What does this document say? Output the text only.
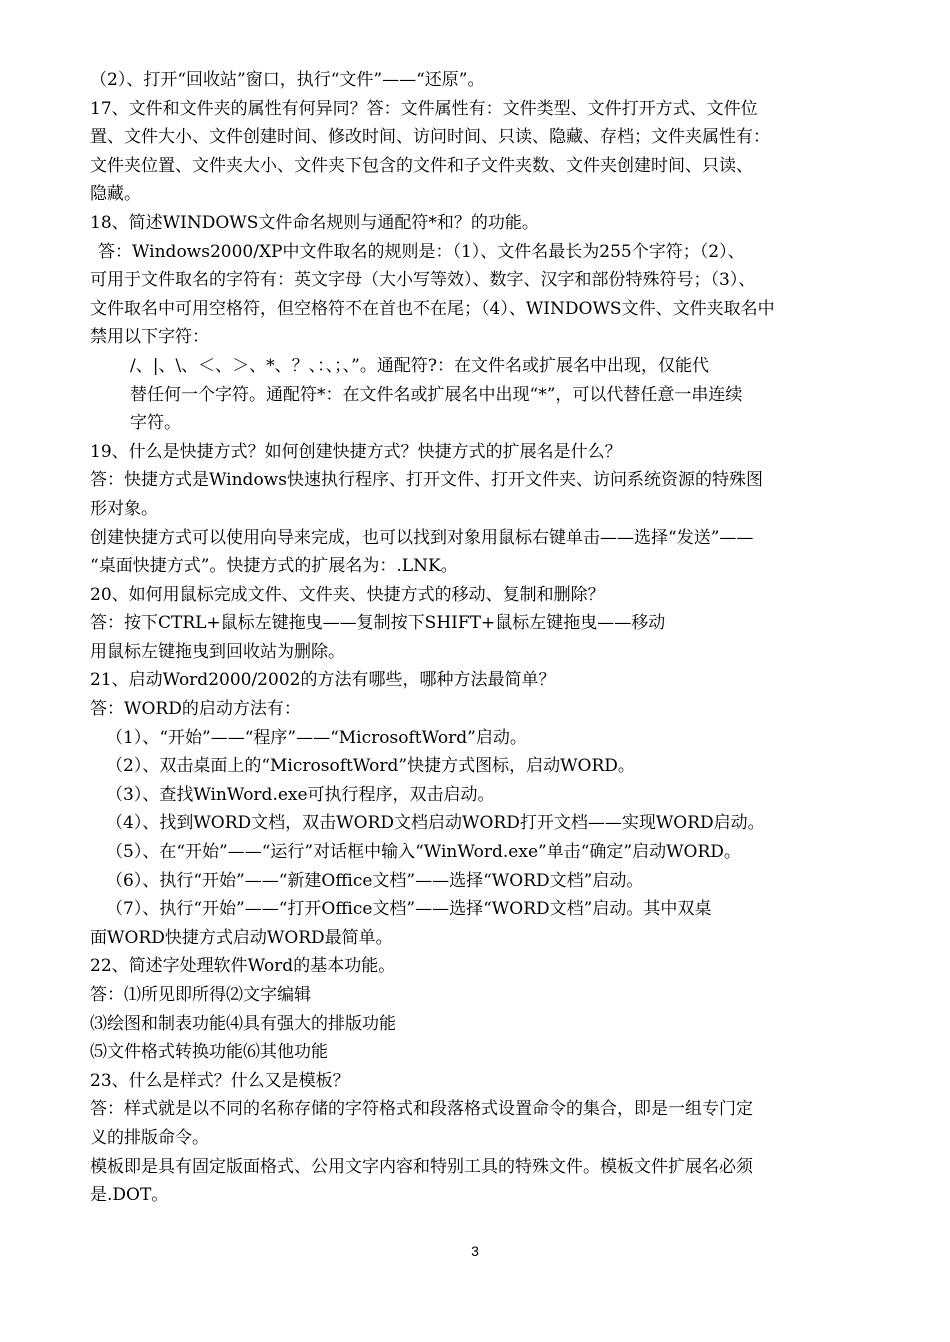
（2）、打开“回收站”窗口，执行“文件”——“还原”。
17、文件和文件夹的属性有何异同？答：文件属性有：文件类型、文件打开方式、文件位
置、文件大小、文件创建时间、修改时间、访问时间、只读、隐藏、存档；文件夹属性有：
文件夹位置、文件夹大小、文件夹下包含的文件和子文件夹数、文件夹创建时间、只读、
隐藏。
18、简述WINDOWS文件命名规则与通配符*和？的功能。
答：Windows2000/XP中文件取名的规则是：（1）、文件名最长为255个字符；（2）、
可用于文件取名的字符有：英文字母（大小写等效）、数字、汉字和部份特殊符号；（3）、
文件取名中可用空格符，但空格符不在首也不在尾；（4）、WINDOWS文件、文件夹取名中
禁用以下字符：
/、|、\、＜、＞、*、？、：、；、”。通配符?：在文件名或扩展名中出现，仅能代
替任何一个字符。通配符*：在文件名或扩展名中出现“*”，可以代替任意一串连续
字符。
19、什么是快捷方式？如何创建快捷方式？快捷方式的扩展名是什么？
答：快捷方式是Windows快速执行程序、打开文件、打开文件夹、访问系统资源的特殊图
形对象。
创建快捷方式可以使用向导来完成，也可以找到对象用鼠标右键单击——选择“发送”——
“桌面快捷方式”。快捷方式的扩展名为：.LNK。
20、如何用鼠标完成文件、文件夹、快捷方式的移动、复制和删除？
答：按下CTRL+鼠标左键拖曳——复制按下SHIFT+鼠标左键拖曳——移动
用鼠标左键拖曳到回收站为删除。
21、启动Word2000/2002的方法有哪些，哪种方法最简单？
答：WORD的启动方法有：
（1）、“开始”——“程序”——“MicrosoftWord”启动。
（2）、双击桌面上的“MicrosoftWord”快捷方式图标，启动WORD。
（3）、查找WinWord.exe可执行程序，双击启动。
（4）、找到WORD文档，双击WORD文档启动WORD打开文档——实现WORD启动。
（5）、在“开始”——“运行”对话框中输入“WinWord.exe”单击“确定”启动WORD。
（6）、执行“开始”——“新建Office文档”——选择“WORD文档”启动。
（7）、执行“开始”——“打开Office文档”——选择“WORD文档”启动。其中双桌
面WORD快捷方式启动WORD最简单。
22、简述字处理软件Word的基本功能。
答：⑴所见即所得⑵文字编辑
⑶绘图和制表功能⑷具有强大的排版功能
⑸文件格式转换功能⑹其他功能
23、什么是样式？什么又是模板？
答：样式就是以不同的名称存储的字符格式和段落格式设置命令的集合，即是一组专门定
义的排版命令。
模板即是具有固定版面格式、公用文字内容和特别工具的特殊文件。模板文件扩展名必须
是.DOT。
3
